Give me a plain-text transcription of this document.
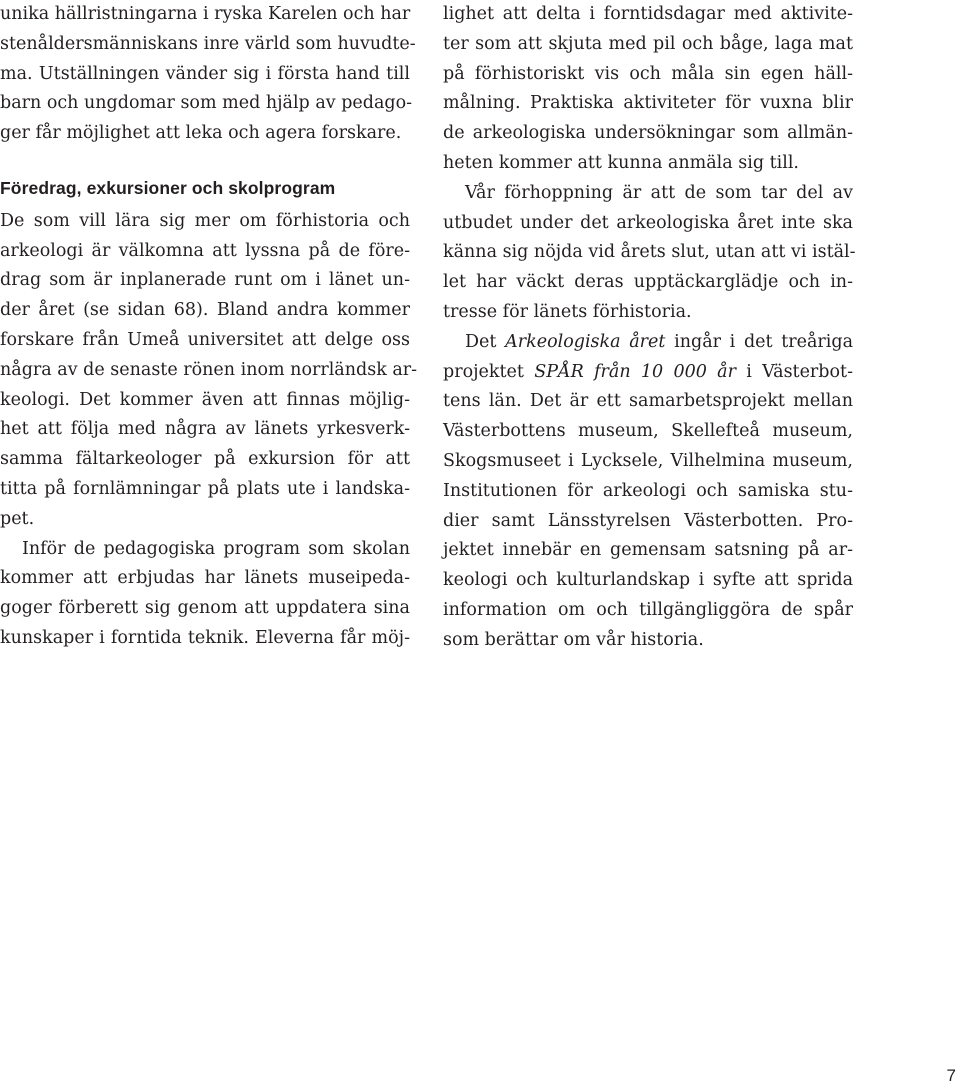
unika hällristningarna i ryska Karelen och har
stenåldersmänniskans inre värld som huvudte-
ma. Utställningen vänder sig i första hand till
barn och ungdomar som med hjälp av pedago-
ger får möjlighet att leka och agera forskare.
Föredrag, exkursioner och skolprogram
De som vill lära sig mer om förhistoria och
arkeologi är välkomna att lyssna på de före-
drag som är inplanerade runt om i länet un-
der året (se sidan 68). Bland andra kommer
forskare från Umeå universitet att delge oss
några av de senaste rönen inom norrländsk ar-
keologi. Det kommer även att finnas möjlig-
het att följa med några av länets yrkesverk-
samma fältarkeologer på exkursion för att
titta på fornlämningar på plats ute i landska-
pet.
Inför de pedagogiska program som skolan
kommer att erbjudas har länets museipeda-
goger förberett sig genom att uppdatera sina
kunskaper i forntida teknik. Eleverna får möj-
lighet att delta i forntidsdagar med aktivite-
ter som att skjuta med pil och båge, laga mat
på förhistoriskt vis och måla sin egen häll-
målning. Praktiska aktiviteter för vuxna blir
de arkeologiska undersökningar som allmän-
heten kommer att kunna anmäla sig till.
Vår förhoppning är att de som tar del av
utbudet under det arkeologiska året inte ska
känna sig nöjda vid årets slut, utan att vi istäl-
let har väckt deras upptäckarglädje och in-
tresse för länets förhistoria.
Det Arkeologiska året ingår i det treåriga
projektet SPÅR från 10 000 år i Västerbot-
tens län. Det är ett samarbetsprojekt mellan
Västerbottens museum, Skellefteå museum,
Skogsmuseet i Lycksele, Vilhelmina museum,
Institutionen för arkeologi och samiska stu-
dier samt Länsstyrelsen Västerbotten. Pro-
jektet innebär en gemensam satsning på ar-
keologi och kulturlandskap i syfte att sprida
information om och tillgängliggöra de spår
som berättar om vår historia.
7
